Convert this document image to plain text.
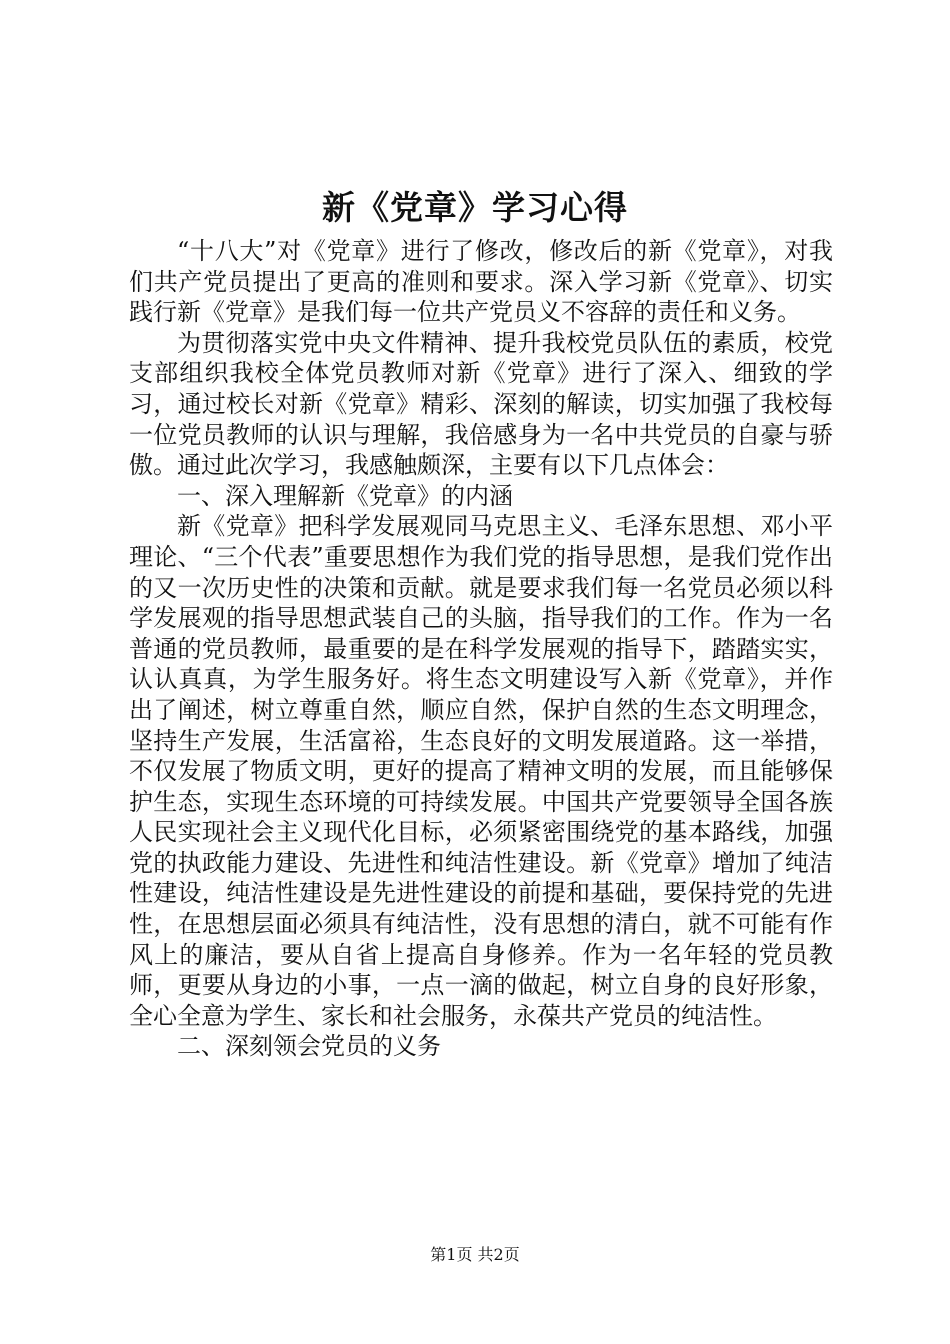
新《党章》学习心得

“十八大”对《党章》进行了修改，修改后的新《党章》，对我们共产党员提出了更高的准则和要求。深入学习新《党章》、切实践行新《党章》是我们每一位共产党员义不容辞的责任和义务。

为贯彻落实党中央文件精神、提升我校党员队伍的素质，校党支部组织我校全体党员教师对新《党章》进行了深入、细致的学习，通过校长对新《党章》精彩、深刻的解读，切实加强了我校每一位党员教师的认识与理解，我倍感身为一名中共党员的自豪与骄傲。通过此次学习，我感触颇深，主要有以下几点体会：

一、深入理解新《党章》的内涵

新《党章》把科学发展观同马克思主义、毛泽东思想、邓小平理论、“三个代表”重要思想作为我们党的指导思想，是我们党作出的又一次历史性的决策和贡献。就是要求我们每一名党员必须以科学发展观的指导思想武装自己的头脑，指导我们的工作。作为一名普通的党员教师，最重要的是在科学发展观的指导下，踏踏实实，认认真真，为学生服务好。将生态文明建设写入新《党章》，并作出了阐述，树立尊重自然，顺应自然，保护自然的生态文明理念，坚持生产发展，生活富裕，生态良好的文明发展道路。这一举措，不仅发展了物质文明，更好的提高了精神文明的发展，而且能够保护生态，实现生态环境的可持续发展。中国共产党要领导全国各族人民实现社会主义现代化目标，必须紧密围绕党的基本路线，加强党的执政能力建设、先进性和纯洁性建设。新《党章》增加了纯洁性建设，纯洁性建设是先进性建设的前提和基础，要保持党的先进性，在思想层面必须具有纯洁性，没有思想的清白，就不可能有作风上的廉洁，要从自省上提高自身修养。作为一名年轻的党员教师，更要从身边的小事，一点一滴的做起，树立自身的良好形象，全心全意为学生、家长和社会服务，永葆共产党员的纯洁性。

二、深刻领会党员的义务

第1页 共2页
